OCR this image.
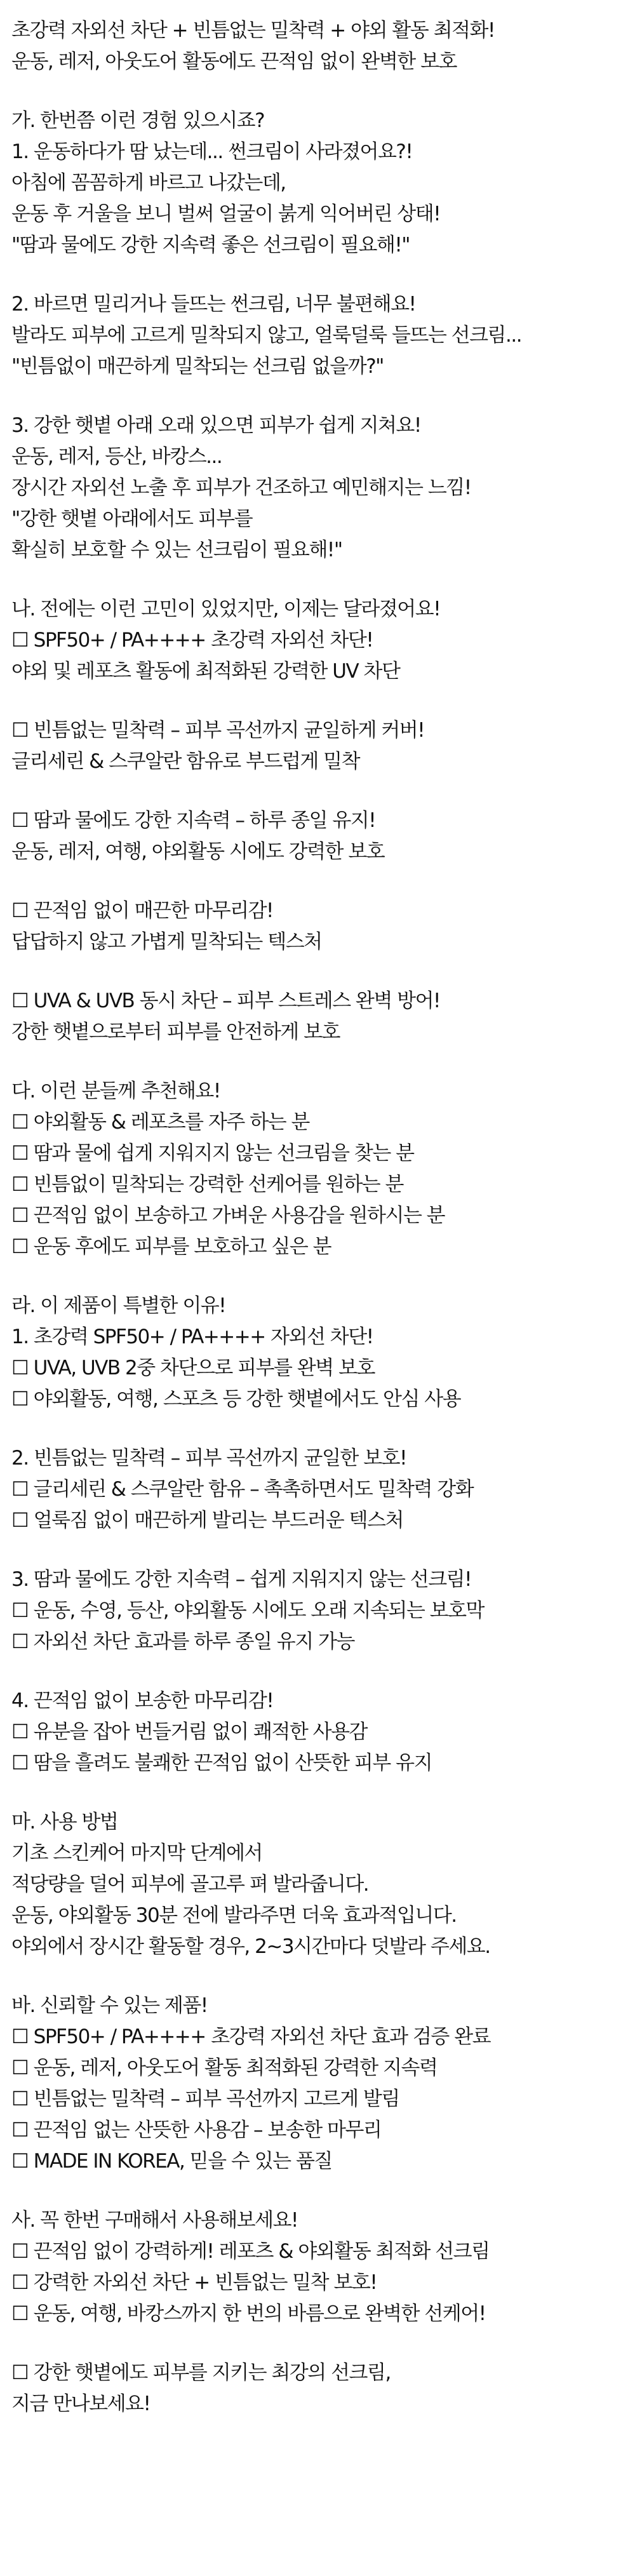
초강력 자외선 차단 + 빈틈없는 밀착력 + 야외 활동 최적화!
운동, 레저, 아웃도어 활동에도 끈적임 없이 완벽한 보호
가. 한번쯤 이런 경험 있으시죠?
1. 운동하다가 땀 났는데... 썬크림이 사라졌어요?!
아침에 꼼꼼하게 바르고 나갔는데,
운동 후 거울을 보니 벌써 얼굴이 붉게 익어버린 상태!
"땀과 물에도 강한 지속력 좋은 선크림이 필요해!"
2. 바르면 밀리거나 들뜨는 썬크림, 너무 불편해요!
발라도 피부에 고르게 밀착되지 않고, 얼룩덜룩 들뜨는 선크림...
"빈틈없이 매끈하게 밀착되는 선크림 없을까?"
3. 강한 햇볕 아래 오래 있으면 피부가 쉽게 지쳐요!
운동, 레저, 등산, 바캉스...
장시간 자외선 노출 후 피부가 건조하고 예민해지는 느낌!
"강한 햇볕 아래에서도 피부를
확실히 보호할 수 있는 선크림이 필요해!"
나. 전에는 이런 고민이 있었지만, 이제는 달라졌어요!
☐ SPF50+ / PA++++ 초강력 자외선 차단!
야외 및 레포츠 활동에 최적화된 강력한 UV 차단
☐ 빈틈없는 밀착력 – 피부 곡선까지 균일하게 커버!
글리세린 & 스쿠알란 함유로 부드럽게 밀착
☐ 땀과 물에도 강한 지속력 – 하루 종일 유지!
운동, 레저, 여행, 야외활동 시에도 강력한 보호
☐ 끈적임 없이 매끈한 마무리감!
답답하지 않고 가볍게 밀착되는 텍스처
☐ UVA & UVB 동시 차단 – 피부 스트레스 완벽 방어!
강한 햇볕으로부터 피부를 안전하게 보호
다. 이런 분들께 추천해요!
☐ 야외활동 & 레포츠를 자주 하는 분
☐ 땀과 물에 쉽게 지워지지 않는 선크림을 찾는 분
☐ 빈틈없이 밀착되는 강력한 선케어를 원하는 분
☐ 끈적임 없이 보송하고 가벼운 사용감을 원하시는 분
☐ 운동 후에도 피부를 보호하고 싶은 분
라. 이 제품이 특별한 이유!
1. 초강력 SPF50+ / PA++++ 자외선 차단!
☐ UVA, UVB 2중 차단으로 피부를 완벽 보호
☐ 야외활동, 여행, 스포츠 등 강한 햇볕에서도 안심 사용
2. 빈틈없는 밀착력 – 피부 곡선까지 균일한 보호!
☐ 글리세린 & 스쿠알란 함유 – 촉촉하면서도 밀착력 강화
☐ 얼룩짐 없이 매끈하게 발리는 부드러운 텍스처
3. 땀과 물에도 강한 지속력 – 쉽게 지워지지 않는 선크림!
☐ 운동, 수영, 등산, 야외활동 시에도 오래 지속되는 보호막
☐ 자외선 차단 효과를 하루 종일 유지 가능
4. 끈적임 없이 보송한 마무리감!
☐ 유분을 잡아 번들거림 없이 쾌적한 사용감
☐ 땀을 흘려도 불쾌한 끈적임 없이 산뜻한 피부 유지
마. 사용 방법
기초 스킨케어 마지막 단계에서
적당량을 덜어 피부에 골고루 펴 발라줍니다.
운동, 야외활동 30분 전에 발라주면 더욱 효과적입니다.
야외에서 장시간 활동할 경우, 2~3시간마다 덧발라 주세요.
바. 신뢰할 수 있는 제품!
☐ SPF50+ / PA++++ 초강력 자외선 차단 효과 검증 완료
☐ 운동, 레저, 아웃도어 활동 최적화된 강력한 지속력
☐ 빈틈없는 밀착력 – 피부 곡선까지 고르게 발림
☐ 끈적임 없는 산뜻한 사용감 – 보송한 마무리
☐ MADE IN KOREA, 믿을 수 있는 품질
사. 꼭 한번 구매해서 사용해보세요!
☐ 끈적임 없이 강력하게! 레포츠 & 야외활동 최적화 선크림
☐ 강력한 자외선 차단 + 빈틈없는 밀착 보호!
☐ 운동, 여행, 바캉스까지 한 번의 바름으로 완벽한 선케어!
☐ 강한 햇볕에도 피부를 지키는 최강의 선크림,
지금 만나보세요!
